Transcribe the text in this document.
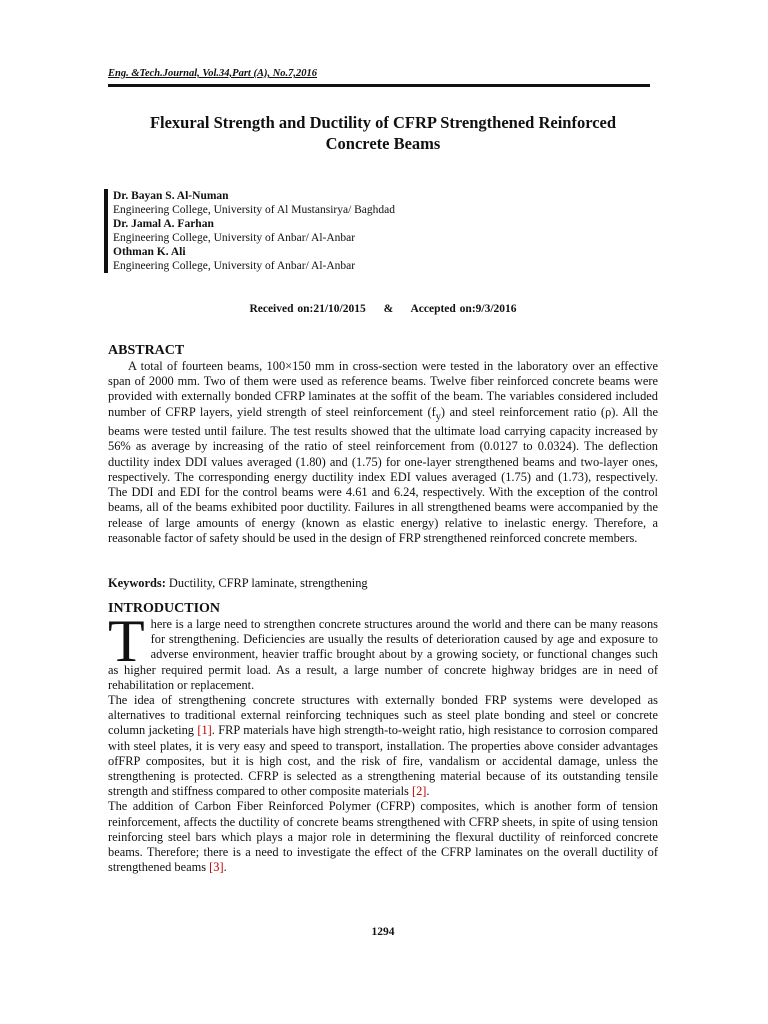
Eng. &Tech.Journal, Vol.34,Part (A), No.7,2016
Flexural Strength and Ductility of CFRP Strengthened Reinforced
Concrete Beams
Dr. Bayan S. Al-Numan
Engineering College, University of Al Mustansirya/ Baghdad
Dr. Jamal A. Farhan
Engineering College, University of Anbar/ Al-Anbar
Othman K. Ali
Engineering College, University of Anbar/ Al-Anbar
Received on:21/10/2015 & Accepted on:9/3/2016
ABSTRACT

A total of fourteen beams, 100×150 mm in cross-section were tested in the laboratory over an effective span of 2000 mm. Two of them were used as reference beams. Twelve fiber reinforced concrete beams were provided with externally bonded CFRP laminates at the soffit of the beam. The variables considered included number of CFRP layers, yield strength of steel reinforcement $(f_y)$ and steel reinforcement ratio (ρ). All the beams were tested until failure. The test results showed that the ultimate load carrying capacity increased by 56% as average by increasing of the ratio of steel reinforcement from (0.0127 to 0.0324). The deflection ductility index DDI values averaged (1.80) and (1.75) for one-layer strengthened beams and two-layer ones, respectively. The corresponding energy ductility index EDI values averaged (1.75) and (1.73), respectively. The DDI and EDI for the control beams were 4.61 and 6.24, respectively. With the exception of the control beams, all of the beams exhibited poor ductility. Failures in all strengthened beams were accompanied by the release of large amounts of energy (known as elastic energy) relative to inelastic energy. Therefore, a reasonable factor of safety should be used in the design of FRP strengthened reinforced concrete members.

Keywords: Ductility, CFRP laminate, strengthening
INTRODUCTION

There is a large need to strengthen concrete structures around the world and there can be many reasons for strengthening. Deficiencies are usually the results of deterioration caused by age and exposure to adverse environment, heavier traffic brought about by a growing society, or functional changes such as higher required permit load. As a result, a large number of concrete highway bridges are in need of rehabilitation or replacement.

The idea of strengthening concrete structures with externally bonded FRP systems were developed as alternatives to traditional external reinforcing techniques such as steel plate bonding and steel or concrete column jacketing [1]. FRP materials have high strength-to-weight ratio, high resistance to corrosion compared with steel plates, it is very easy and speed to transport, installation. The properties above consider advantages ofFRP composites, but it is high cost, and the risk of fire, vandalism or accidental damage, unless the strengthening is protected. CFRP is selected as a strengthening material because of its outstanding tensile strength and stiffness compared to other composite materials [2].

The addition of Carbon Fiber Reinforced Polymer (CFRP) composites, which is another form of tension reinforcement, affects the ductility of concrete beams strengthened with CFRP sheets, in spite of using tension reinforcing steel bars which plays a major role in determining the flexural ductility of reinforced concrete beams. Therefore; there is a need to investigate the effect of the CFRP laminates on the overall ductility of strengthened beams [3].

1294
